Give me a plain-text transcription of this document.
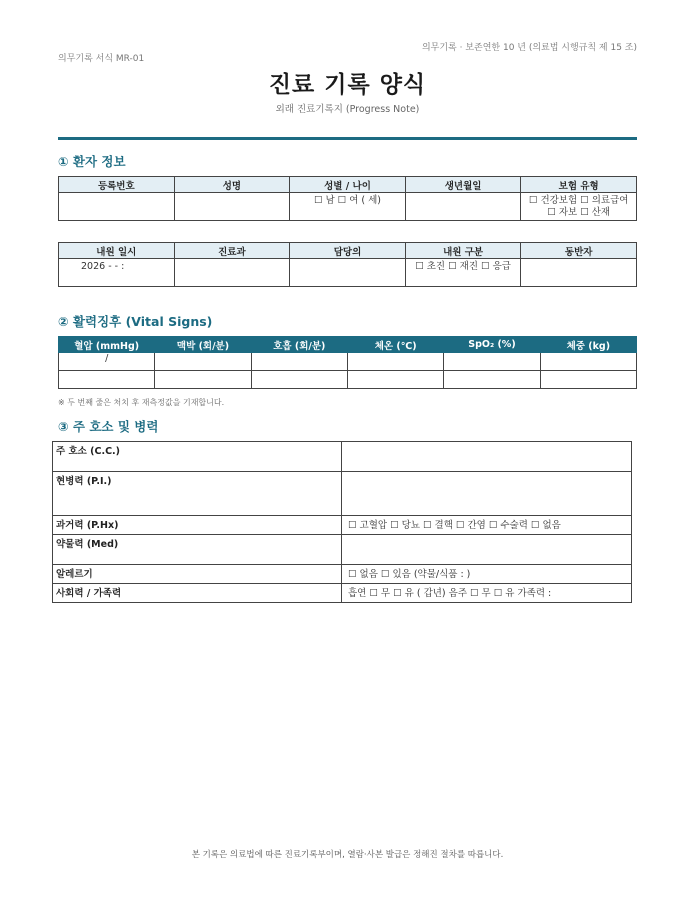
의무기록 서식 MR-01
의무기록 · 보존연한 10 년 (의료법 시행규칙 제 15 조)
진료 기록 양식
외래 진료기록지 (Progress Note)
① 환자 정보
등록번호	성명	성별 / 나이	생년월일	보험 유형
		☐ 남 ☐ 여 ( 세)		☐ 건강보험 ☐ 의료급여 ☐ 자보 ☐ 산재
내원 일시	진료과	담당의	내원 구분	동반자
2026 - - :			☐ 초진 ☐ 재진 ☐ 응급	
② 활력징후 (Vital Signs)
혈압 (mmHg)	맥박 (회/분)	호흡 (회/분)	체온 (℃)	SpO₂ (%)	체중 (kg)
/					

※ 두 번째 줄은 처치 후 재측정값을 기재합니다.
③ 주 호소 및 병력
주 호소 (C.C.)	
현병력 (P.I.)	
과거력 (P.Hx)	☐ 고혈압 ☐ 당뇨 ☐ 결핵 ☐ 간염 ☐ 수술력 ☐ 없음
약물력 (Med)	
알레르기	☐ 없음 ☐ 있음 (약물/식품 : )
사회력 / 가족력	흡연 ☐ 무 ☐ 유 ( 갑년) 음주 ☐ 무 ☐ 유 가족력 :
본 기록은 의료법에 따른 진료기록부이며, 열람·사본 발급은 정해진 절차를 따릅니다.
